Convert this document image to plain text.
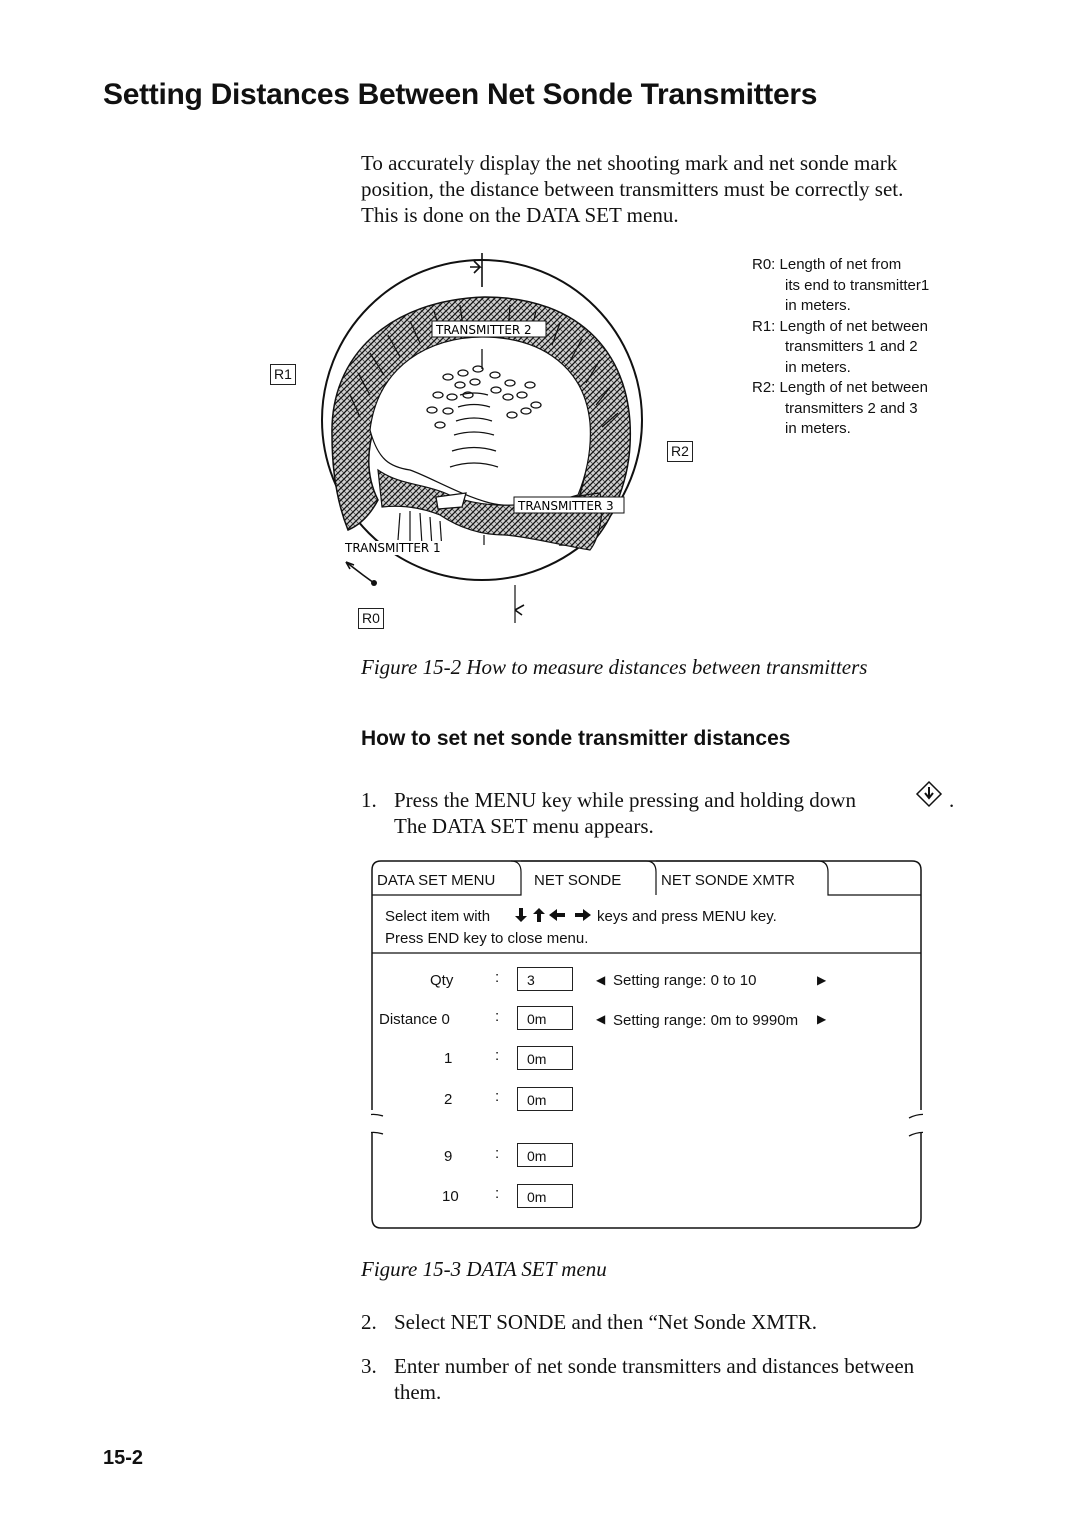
Setting Distances Between Net Sonde Transmitters
To accurately display the net shooting mark and net sonde mark
position, the distance between transmitters must be correctly set.
This is done on the DATA SET menu.
TRANSMITTER 2
TRANSMITTER 3
TRANSMITTER 1
R1
R2
R0
R0: Length of net from
its end to transmitter1
in meters.
R1: Length of net between
transmitters 1 and 2
in meters.
R2: Length of net between
transmitters 2 and 3
in meters.
Figure 15-2 How to measure distances between transmitters
How to set net sonde transmitter distances
1. Press the MENU key while pressing and holding down	.
The DATA SET menu appears.
DATA SET MENU	NET SONDE	NET SONDE XMTR
Select item with	keys and press MENU key.
Press END key to close menu.
Qty	:	3	◀ Setting range: 0 to 10	▶
Distance 0	:	0m	◀ Setting range: 0m to 9990m ▶
1	:	0m
2	:	0m
9	:	0m
10 :	0m
Figure 15-3 DATA SET menu
2. Select NET SONDE and then “Net Sonde XMTR.
3. Enter number of net sonde transmitters and distances between
them.
15-2
